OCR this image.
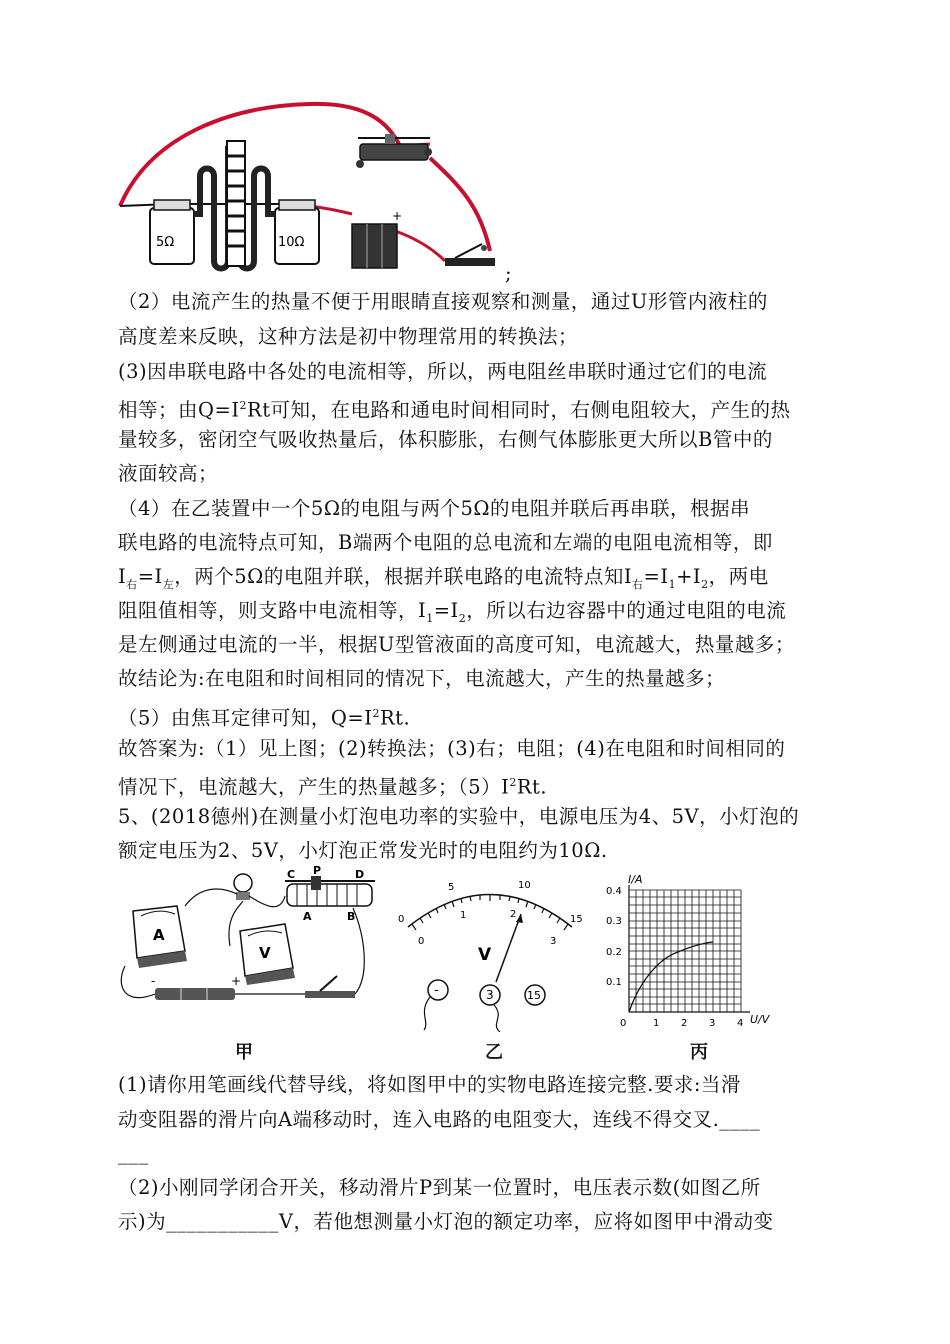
5Ω	10Ω
+
;
（2）电流产生的热量不便于用眼睛直接观察和测量，通过U形管内液柱的
高度差来反映，这种方法是初中物理常用的转换法；
(3)因串联电路中各处的电流相等，所以，两电阻丝串联时通过它们的电流
相等；由$Q=I^2Rt$可知，在电路和通电时间相同时，右侧电阻较大，产生的热
量较多，密闭空气吸收热量后，体积膨胀，右侧气体膨胀更大所以B管中的
液面较高；
（4）在乙装置中一个5Ω的电阻与两个5Ω的电阻并联后再串联，根据串
联电路的电流特点可知，B端两个电阻的总电流和左端的电阻电流相等，即
$I_右=I_左$，两个5Ω的电阻并联，根据并联电路的电流特点知$I_右=I_1+I_2$，两电
阻阻值相等，则支路中电流相等，$I_1=I_2$，所以右边容器中的通过电阻的电流
是左侧通过电流的一半，根据U型管液面的高度可知，电流越大，热量越多；
故结论为:在电阻和时间相同的情况下，电流越大，产生的热量越多；
（5）由焦耳定律可知，$Q=I^2Rt$.
故答案为:（1）见上图；(2)转换法；(3)右；电阻；(4)在电阻和时间相同的
情况下，电流越大，产生的热量越多；$(5)I^2Rt$.
5、(2018德州)在测量小灯泡电功率的实验中，电源电压为4、5V，小灯泡的
额定电压为2、5V，小灯泡正常发光时的电阻约为10Ω.
C P	D
A	B
A
V
-	+
甲
0
5	10
15
0
1	2
3
V
-	3	15
乙
I/A
U/V
0.4
0.3
0.2
0.1
0	1 2 3 4
丙
(1)请你用笔画线代替导线，将如图甲中的实物电路连接完整.要求:当滑
动变阻器的滑片向A端移动时，连入电路的电阻变大，连线不得交叉.____
___
（2)小刚同学闭合开关，移动滑片P到某一位置时，电压表示数(如图乙所
示)为___________V，若他想测量小灯泡的额定功率，应将如图甲中滑动变
